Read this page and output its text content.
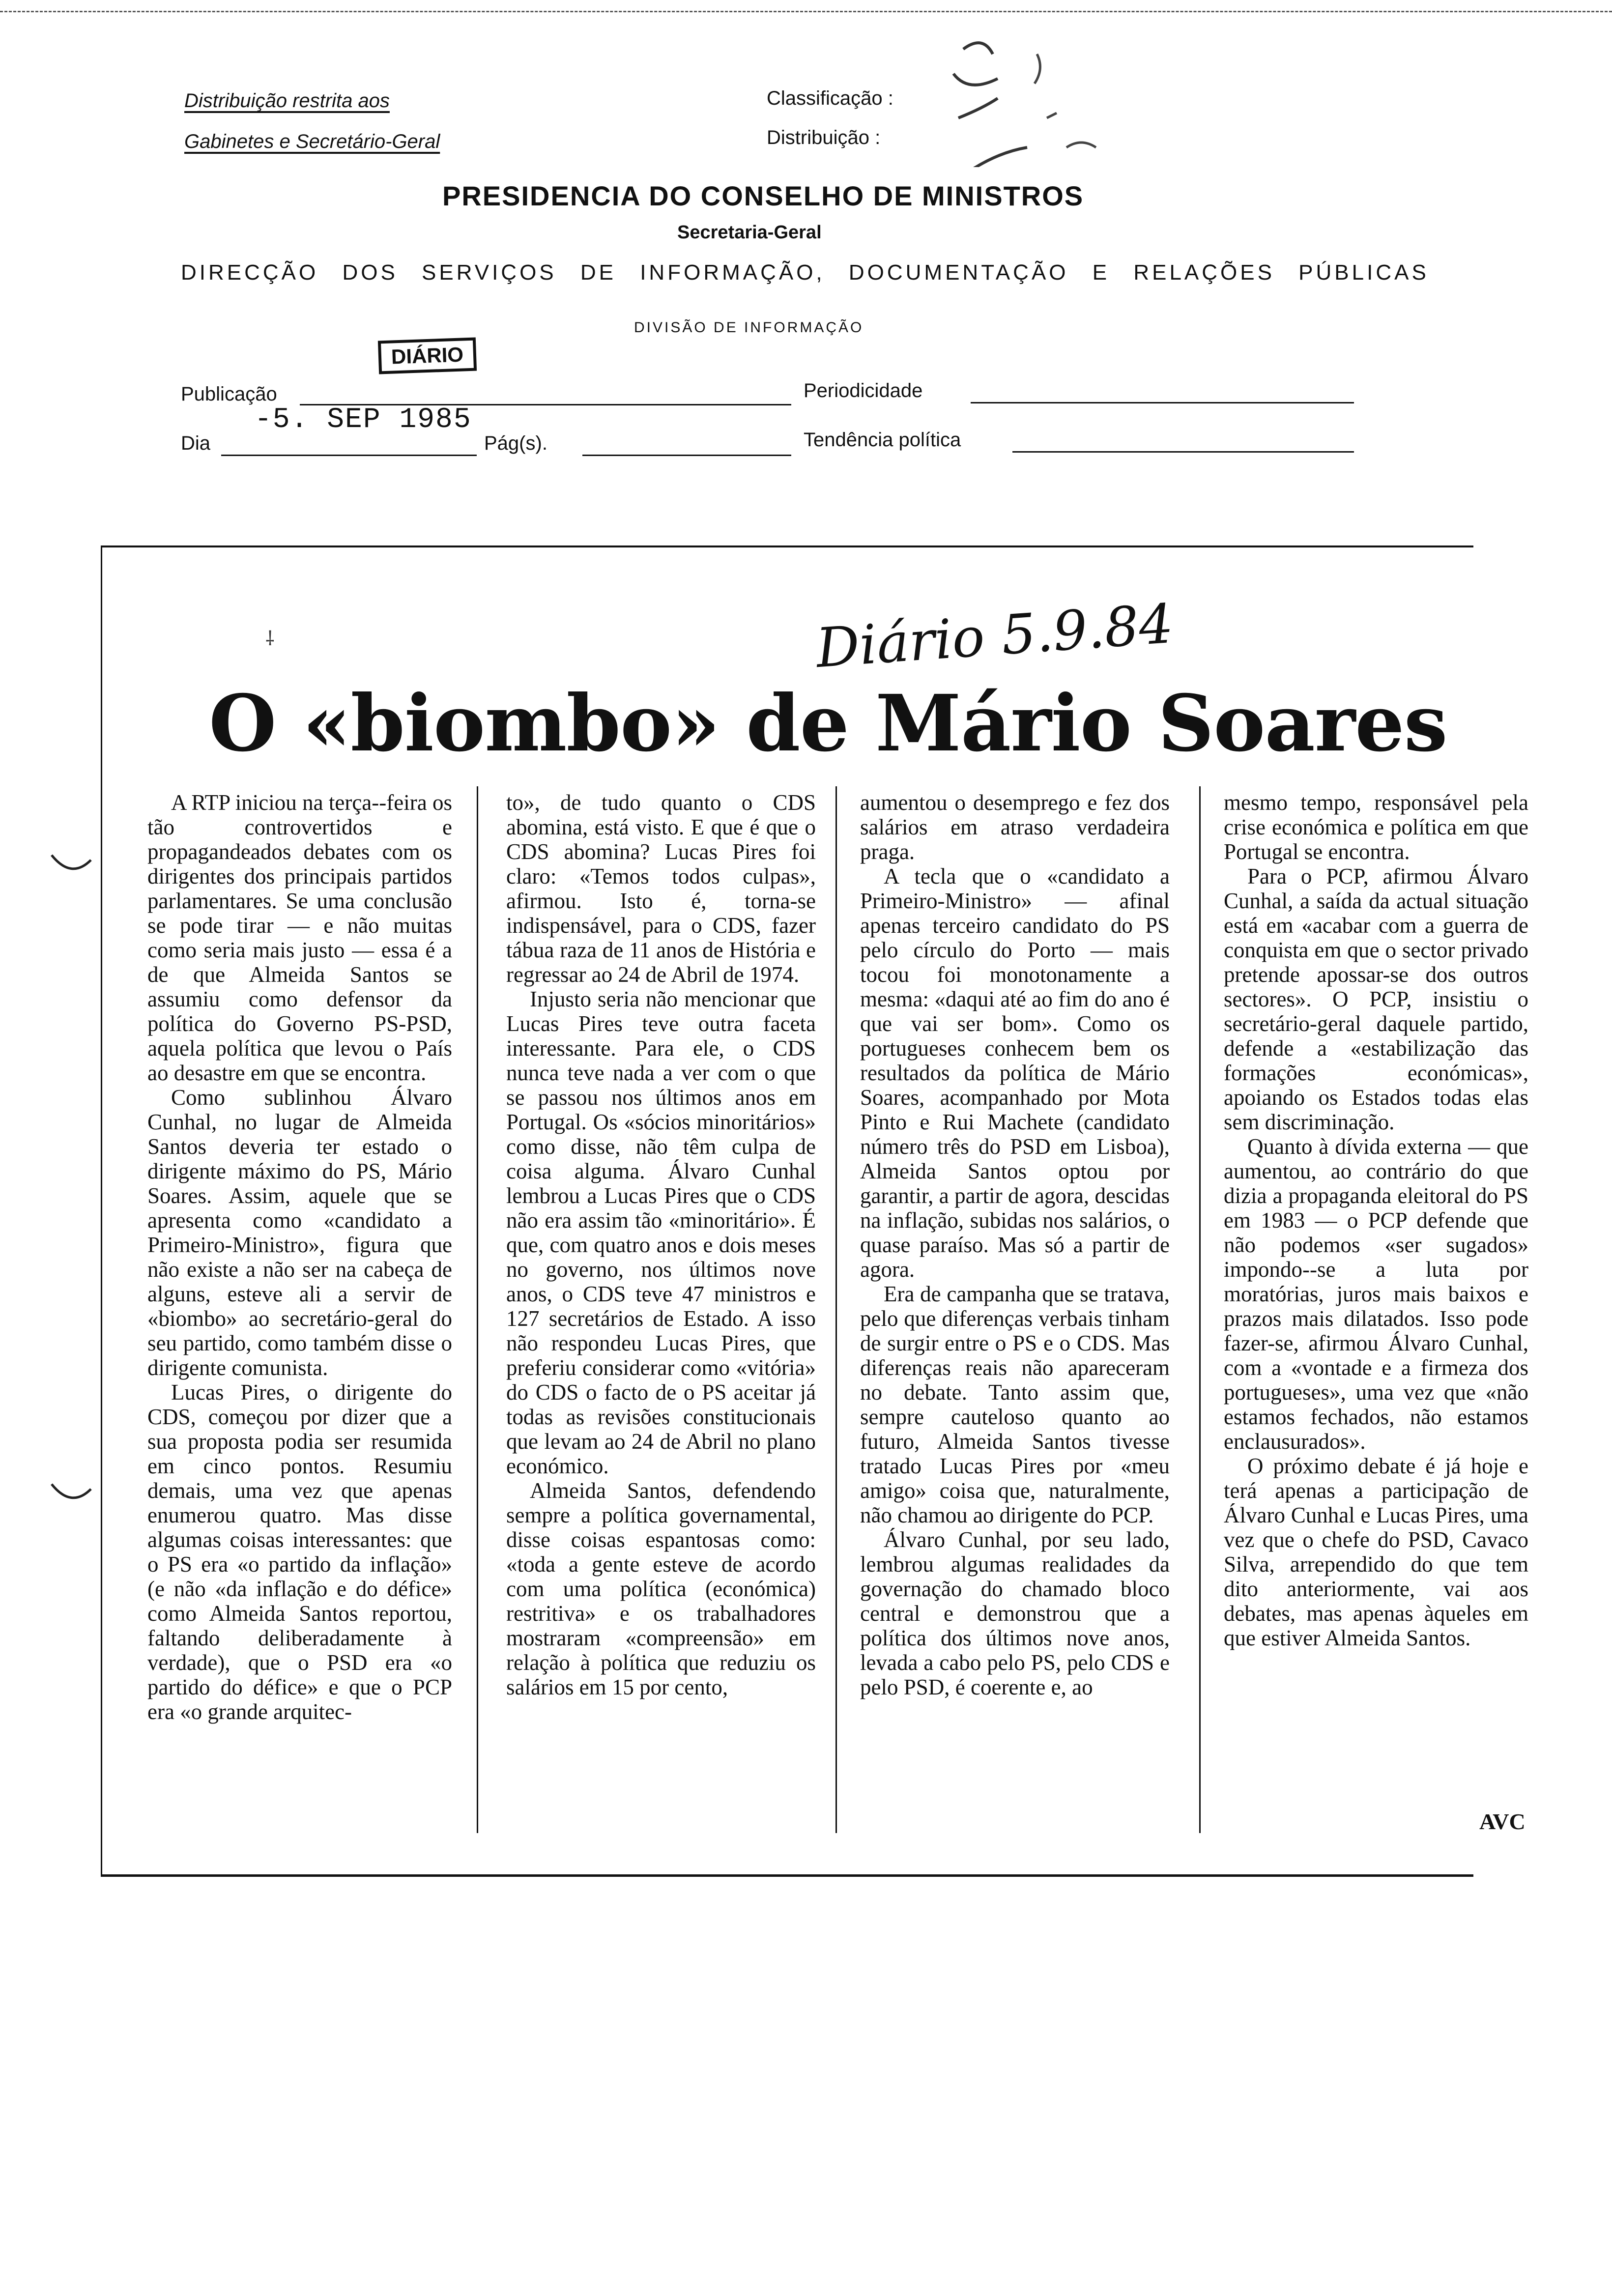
Distribuição restrita aos
Gabinetes e Secretário-Geral
Classificação :
Distribuição :
PRESIDENCIA DO CONSELHO DE MINISTROS
Secretaria-Geral
DIRECÇÃO DOS SERVIÇOS DE INFORMAÇÃO, DOCUMENTAÇÃO E RELAÇÕES PÚBLICAS
DIVISÃO DE INFORMAÇÃO
DIÁRIO
Publicação	Periodicidade
Dia
-5. SEP 1985
Pág(s).	Tendência política
Diário 5.9.84
⸸
O «biombo» de Mário Soares

A RTP iniciou na terça--feira os tão controvertidos e propagandeados debates com os dirigentes dos principais partidos parlamentares. Se uma conclusão se pode tirar — e não muitas como seria mais justo — essa é a de que Almeida Santos se assumiu como defensor da política do Governo PS-PSD, aquela política que levou o País ao desastre em que se encontra.

Como sublinhou Álvaro Cunhal, no lugar de Almeida Santos deveria ter estado o dirigente máximo do PS, Mário Soares. Assim, aquele que se apresenta como «candidato a Primeiro-Ministro», figura que não existe a não ser na cabeça de alguns, esteve ali a servir de «biombo» ao secretário-geral do seu partido, como também disse o dirigente comunista.

Lucas Pires, o dirigente do CDS, começou por dizer que a sua proposta podia ser resumida em cinco pontos. Resumiu demais, uma vez que apenas enumerou quatro. Mas disse algumas coisas interessantes: que o PS era «o partido da inflação» (e não «da inflação e do défice» como Almeida Santos reportou, faltando deliberadamente à verdade), que o PSD era «o partido do défice» e que o PCP era «o grande arquitec-

to», de tudo quanto o CDS abomina, está visto. E que é que o CDS abomina? Lucas Pires foi claro: «Temos todos culpas», afirmou. Isto é, torna-se indispensável, para o CDS, fazer tábua raza de 11 anos de História e regressar ao 24 de Abril de 1974.

Injusto seria não mencionar que Lucas Pires teve outra faceta interessante. Para ele, o CDS nunca teve nada a ver com o que se passou nos últimos anos em Portugal. Os «sócios minoritários» como disse, não têm culpa de coisa alguma. Álvaro Cunhal lembrou a Lucas Pires que o CDS não era assim tão «minoritário». É que, com quatro anos e dois meses no governo, nos últimos nove anos, o CDS teve 47 ministros e 127 secretários de Estado. A isso não respondeu Lucas Pires, que preferiu considerar como «vitória» do CDS o facto de o PS aceitar já todas as revisões constitucionais que levam ao 24 de Abril no plano económico.

Almeida Santos, defendendo sempre a política governamental, disse coisas espantosas como: «toda a gente esteve de acordo com uma política (económica) restritiva» e os trabalhadores mostraram «compreensão» em relação à política que reduziu os salários em 15 por cento,

aumentou o desemprego e fez dos salários em atraso verdadeira praga.

A tecla que o «candidato a Primeiro-Ministro» — afinal apenas terceiro candidato do PS pelo círculo do Porto — mais tocou foi monotonamente a mesma: «daqui até ao fim do ano é que vai ser bom». Como os portugueses conhecem bem os resultados da política de Mário Soares, acompanhado por Mota Pinto e Rui Machete (candidato número três do PSD em Lisboa), Almeida Santos optou por garantir, a partir de agora, descidas na inflação, subidas nos salários, o quase paraíso. Mas só a partir de agora.

Era de campanha que se tratava, pelo que diferenças verbais tinham de surgir entre o PS e o CDS. Mas diferenças reais não apareceram no debate. Tanto assim que, sempre cauteloso quanto ao futuro, Almeida Santos tivesse tratado Lucas Pires por «meu amigo» coisa que, naturalmente, não chamou ao dirigente do PCP.

Álvaro Cunhal, por seu lado, lembrou algumas realidades da governação do chamado bloco central e demonstrou que a política dos últimos nove anos, levada a cabo pelo PS, pelo CDS e pelo PSD, é coerente e, ao

mesmo tempo, responsável pela crise económica e política em que Portugal se encontra.

Para o PCP, afirmou Álvaro Cunhal, a saída da actual situação está em «acabar com a guerra de conquista em que o sector privado pretende apossar-se dos outros sectores». O PCP, insistiu o secretário-geral daquele partido, defende a «estabilização das formações económicas», apoiando os Estados todas elas sem discriminação.

Quanto à dívida externa — que aumentou, ao contrário do que dizia a propaganda eleitoral do PS em 1983 — o PCP defende que não podemos «ser sugados» impondo--se a luta por moratórias, juros mais baixos e prazos mais dilatados. Isso pode fazer-se, afirmou Álvaro Cunhal, com a «vontade e a firmeza dos portugueses», uma vez que «não estamos fechados, não estamos enclausurados».

O próximo debate é já hoje e terá apenas a participação de Álvaro Cunhal e Lucas Pires, uma vez que o chefe do PSD, Cavaco Silva, arrependido do que tem dito anteriormente, vai aos debates, mas apenas àqueles em que estiver Almeida Santos.

AVC
